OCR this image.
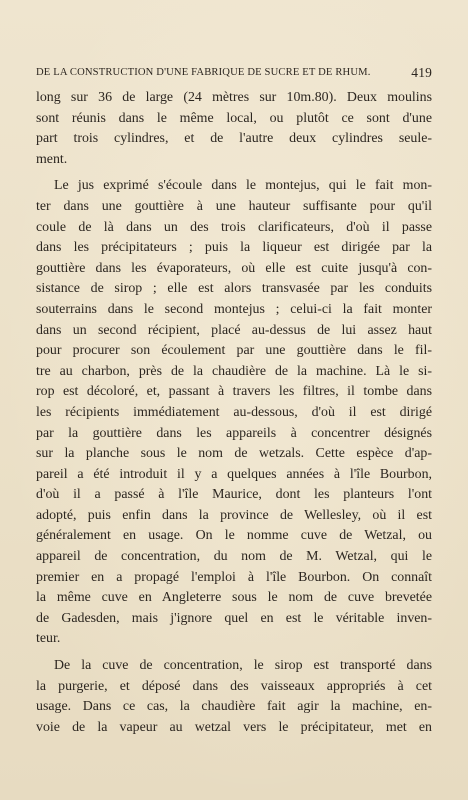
DE LA CONSTRUCTION D'UNE FABRIQUE DE SUCRE ET DE RHUM.	419

long sur 36 de large (24 mètres sur 10m.80). Deux moulins
sont réunis dans le même local, ou plutôt ce sont d'une
part trois cylindres, et de l'autre deux cylindres seule-
ment.

Le jus exprimé s'écoule dans le montejus, qui le fait mon-
ter dans une gouttière à une hauteur suffisante pour qu'il
coule de là dans un des trois clarificateurs, d'où il passe
dans les précipitateurs ; puis la liqueur est dirigée par la
gouttière dans les évaporateurs, où elle est cuite jusqu'à con-
sistance de sirop ; elle est alors transvasée par les conduits
souterrains dans le second montejus ; celui-ci la fait monter
dans un second récipient, placé au-dessus de lui assez haut
pour procurer son écoulement par une gouttière dans le fil-
tre au charbon, près de la chaudière de la machine. Là le si-
rop est décoloré, et, passant à travers les filtres, il tombe dans
les récipients immédiatement au-dessous, d'où il est dirigé
par la gouttière dans les appareils à concentrer désignés
sur la planche sous le nom de wetzals. Cette espèce d'ap-
pareil a été introduit il y a quelques années à l'île Bourbon,
d'où il a passé à l'île Maurice, dont les planteurs l'ont
adopté, puis enfin dans la province de Wellesley, où il est
généralement en usage. On le nomme cuve de Wetzal, ou
appareil de concentration, du nom de M. Wetzal, qui le
premier en a propagé l'emploi à l'île Bourbon. On connaît
la même cuve en Angleterre sous le nom de cuve brevetée
de Gadesden, mais j'ignore quel en est le véritable inven-
teur.

De la cuve de concentration, le sirop est transporté dans
la purgerie, et déposé dans des vaisseaux appropriés à cet
usage. Dans ce cas, la chaudière fait agir la machine, en-
voie de la vapeur au wetzal vers le précipitateur, met en
